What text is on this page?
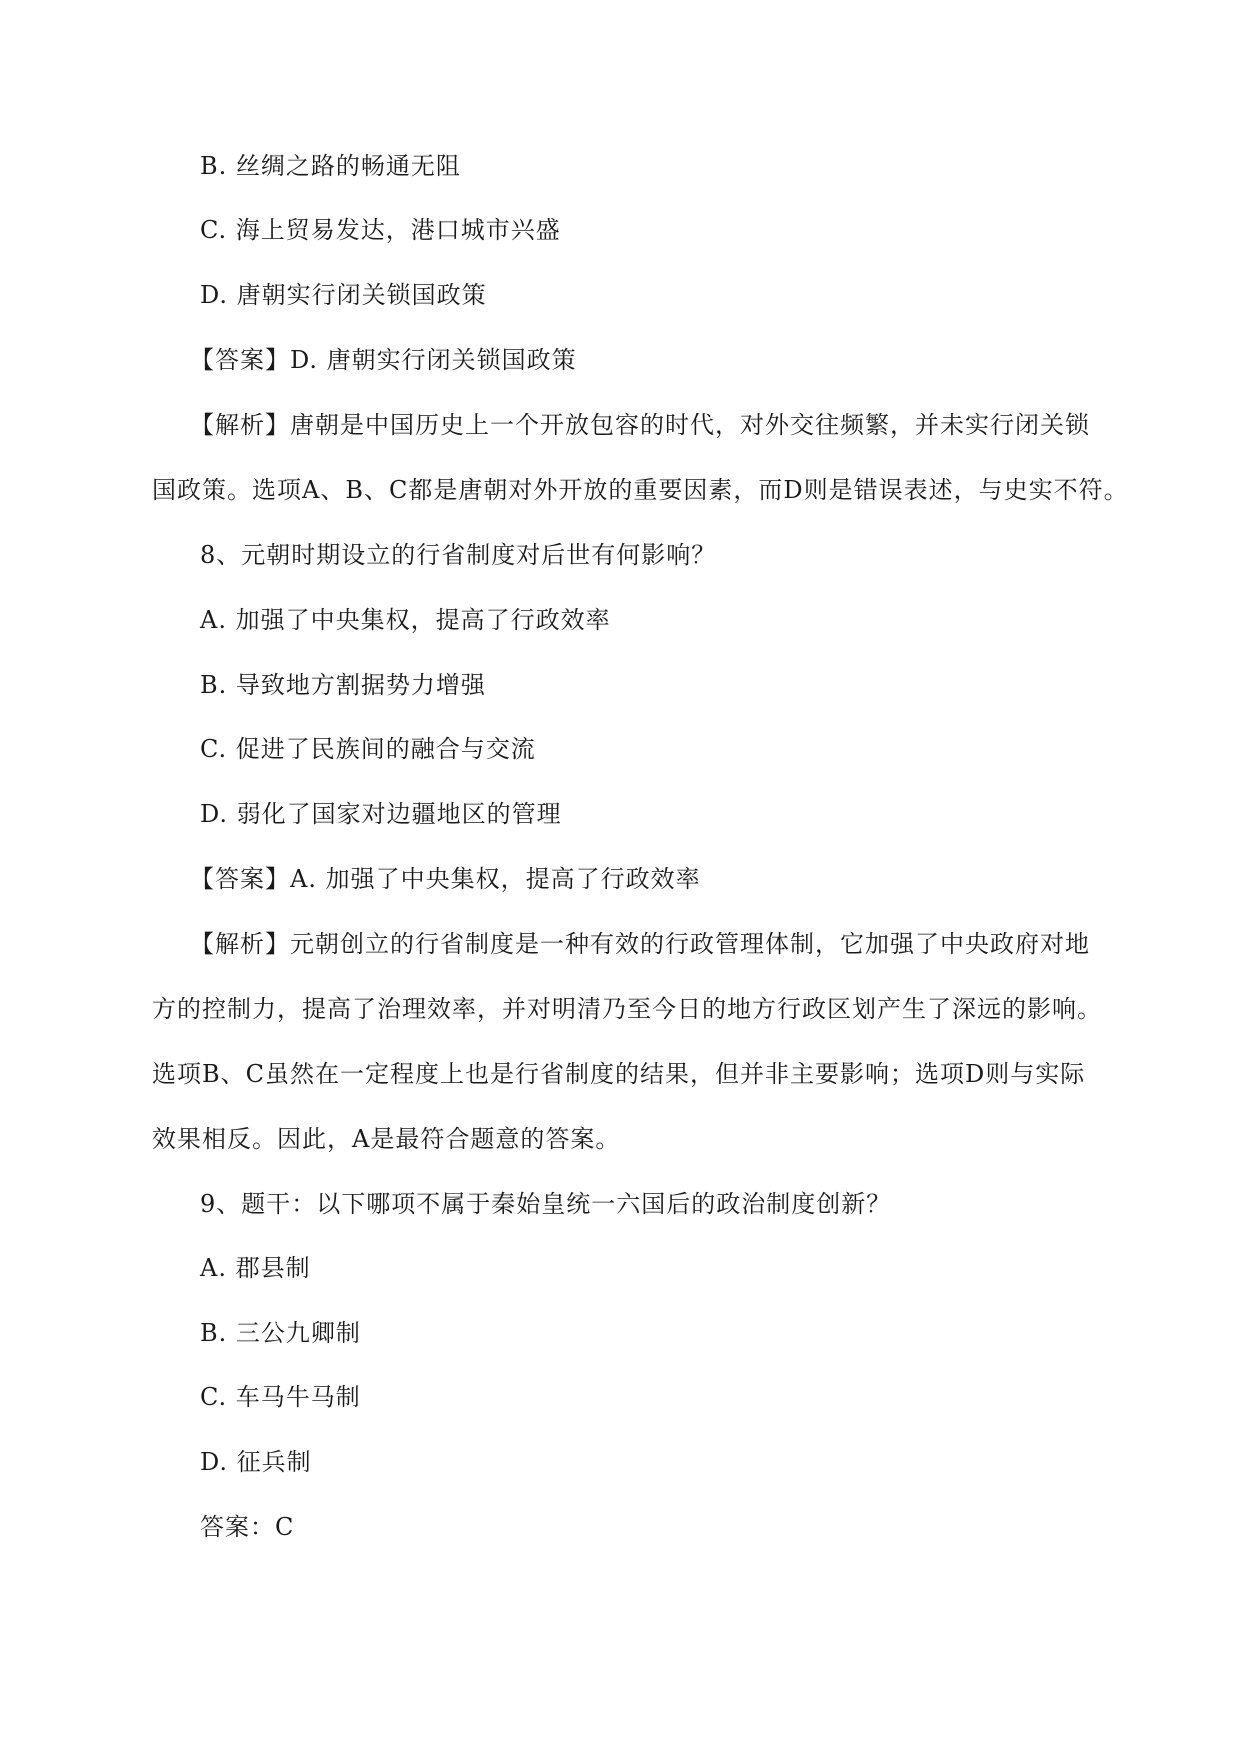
B. 丝绸之路的畅通无阻
C. 海上贸易发达，港口城市兴盛
D. 唐朝实行闭关锁国政策
【答案】D. 唐朝实行闭关锁国政策
【解析】唐朝是中国历史上一个开放包容的时代，对外交往频繁，并未实行闭关锁
国政策。选项A、B、C都是唐朝对外开放的重要因素，而D则是错误表述，与史实不符。
8、元朝时期设立的行省制度对后世有何影响？
A. 加强了中央集权，提高了行政效率
B. 导致地方割据势力增强
C. 促进了民族间的融合与交流
D. 弱化了国家对边疆地区的管理
【答案】A. 加强了中央集权，提高了行政效率
【解析】元朝创立的行省制度是一种有效的行政管理体制，它加强了中央政府对地
方的控制力，提高了治理效率，并对明清乃至今日的地方行政区划产生了深远的影响。
选项B、C虽然在一定程度上也是行省制度的结果，但并非主要影响；选项D则与实际
效果相反。因此，A是最符合题意的答案。
9、题干：以下哪项不属于秦始皇统一六国后的政治制度创新？
A. 郡县制
B. 三公九卿制
C. 车马牛马制
D. 征兵制
答案：C
